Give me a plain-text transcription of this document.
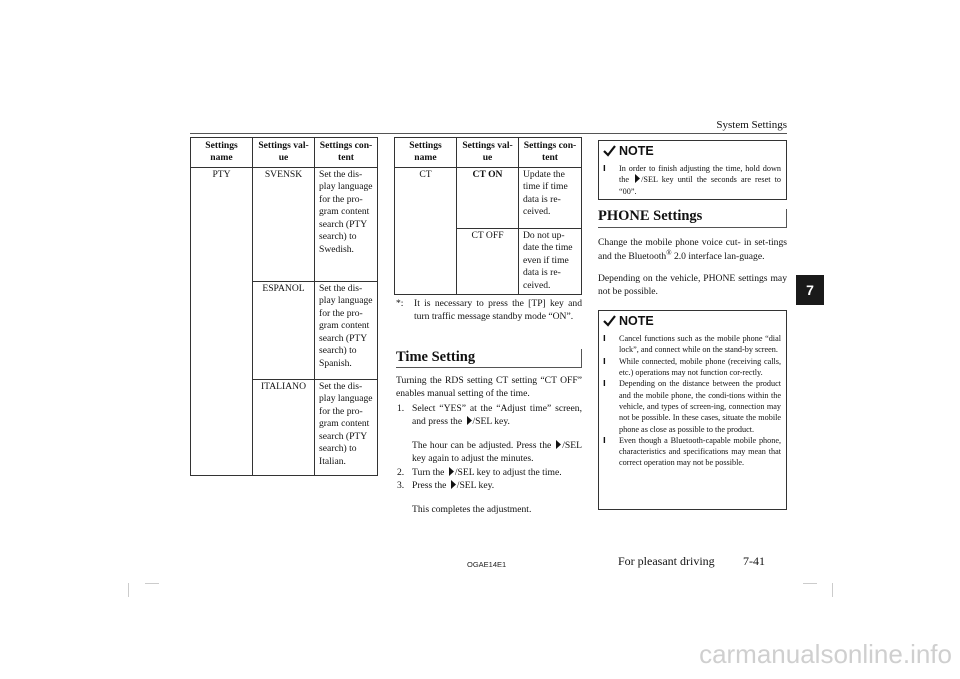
System Settings
7
Settings name	Settings val-ue	Settings con-tent
PTY	SVENSK	Set the dis-play language for the pro-gram content search (PTY search) to Swedish.
	ESPANOL	Set the dis-play language for the pro-gram content search (PTY search) to Spanish.
	ITALIANO	Set the dis-play language for the pro-gram content search (PTY search) to Italian.
Settings name	Settings val-ue	Settings con-tent
CT	CT ON	Update the time if time data is re-ceived.
	CT OFF	Do not up-date the time even if time data is re-ceived.
*: It is necessary to press the [TP] key and turn traffic message standby mode “ON”.
Time Setting
Turning the RDS setting CT setting “CT OFF” enables manual setting of the time.
1. Select “YES” at the “Adjust time” screen, and press the /SEL key.
The hour can be adjusted. Press the /SEL key again to adjust the minutes.
2. Turn the /SEL key to adjust the time.
3. Press the /SEL key.
This completes the adjustment.
NOTE
l In order to finish adjusting the time, hold down the /SEL key until the seconds are reset to “00”.
PHONE Settings
Change the mobile phone voice cut- in set-tings and the Bluetooth® 2.0 interface lan-guage.
Depending on the vehicle, PHONE settings may not be possible.
NOTE
l Cancel functions such as the mobile phone “dial lock”, and connect while on the stand-by screen.
l While connected, mobile phone (receiving calls, etc.) operations may not function cor-rectly.
l Depending on the distance between the product and the mobile phone, the condi-tions within the vehicle, and types of screen-ing, connection may not be possible. In these cases, situate the mobile phone as close as possible to the product.
l Even though a Bluetooth-capable mobile phone, characteristics and specifications may mean that correct operation may not be possible.
OGAE14E1	For pleasant driving 7-41
carmanualsonline.info
